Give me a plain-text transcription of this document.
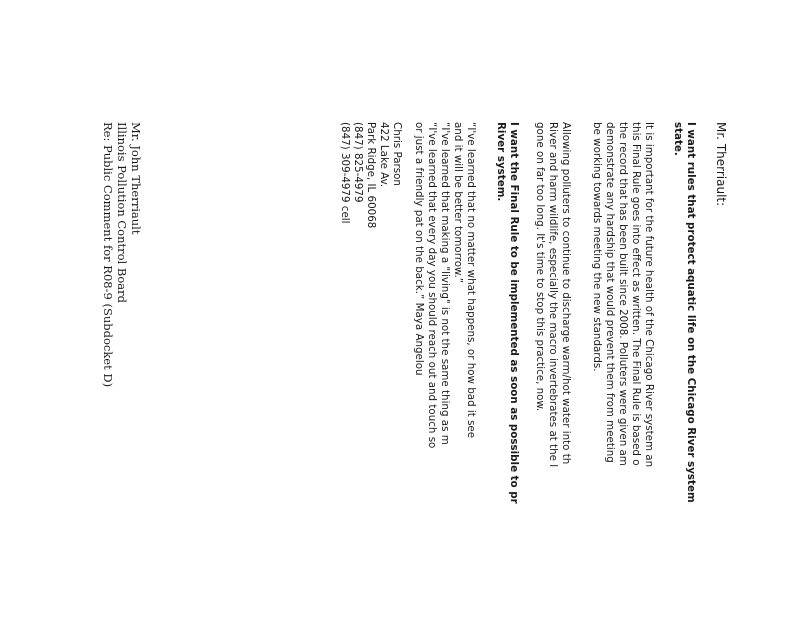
Mr. Therriault:
I want rules that protect aquatic life on the Chicago River system
state.
It is important for the future health of the Chicago River system an
this Final Rule goes into effect as written. The Final Rule is based o
the record that has been built since 2008. Polluters were given am
demonstrate any hardship that would prevent them from meeting
be working towards meeting the new standards.
Allowing polluters to continue to discharge warm/hot water into th
River and harm wildlife, especially the macro invertebrates at the l
gone on far too long. It's time to stop this practice, now.
I want the Final Rule to be implemented as soon as possible to pr
River system.
“I've learned that no matter what happens, or how bad it see
and it will be better tomorrow.”
“I've learned that making a "living" is not the same thing as m
“I've learned that every day you should reach out and touch so
or just a friendly pat on the back.” Maya Angelou
Chris Parson
422 Lake Av.
Park Ridge, IL 60068
(847) 825-4979
(847) 309-4979 cell
Mr. John Therriault
Illinois Pollution Control Board
Re: Public Comment for R08-9 (Subdocket D)
